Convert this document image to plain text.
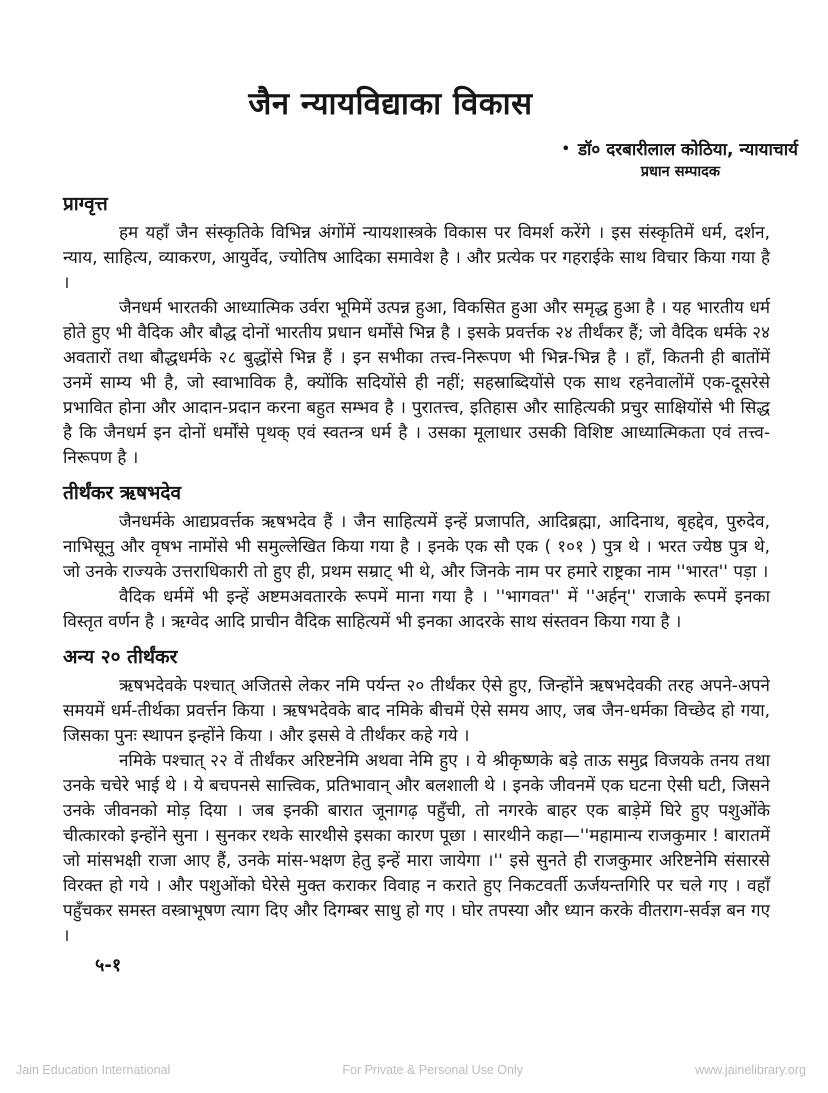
जैन न्यायविद्याका विकास
• डॉ० दरबारीलाल कोठिया, न्यायाचार्य
प्रधान सम्पादक
प्राग्वृत्त

हम यहाँ जैन संस्कृतिके विभिन्न अंगोंमें न्यायशास्त्रके विकास पर विमर्श करेंगे । इस संस्कृतिमें धर्म, दर्शन, न्याय, साहित्य, व्याकरण, आयुर्वेद, ज्योतिष आदिका समावेश है । और प्रत्येक पर गहराईके साथ विचार किया गया है ।

जैनधर्म भारतकी आध्यात्मिक उर्वरा भूमिमें उत्पन्न हुआ, विकसित हुआ और समृद्ध हुआ है । यह भारतीय धर्म होते हुए भी वैदिक और बौद्ध दोनों भारतीय प्रधान धर्मोंसे भिन्न है । इसके प्रवर्त्तक २४ तीर्थंकर हैं; जो वैदिक धर्मके २४ अवतारों तथा बौद्धधर्मके २८ बुद्धोंसे भिन्न हैं । इन सभीका तत्त्व-निरूपण भी भिन्न-भिन्न है । हाँ, कितनी ही बातोंमें उनमें साम्य भी है, जो स्वाभाविक है, क्योंकि सदियोंसे ही नहीं; सहस्राब्दियोंसे एक साथ रहनेवालोंमें एक-दूसरेसे प्रभावित होना और आदान-प्रदान करना बहुत सम्भव है । पुरातत्त्व, इतिहास और साहित्यकी प्रचुर साक्षियोंसे भी सिद्ध है कि जैनधर्म इन दोनों धर्मोंसे पृथक् एवं स्वतन्त्र धर्म है । उसका मूलाधार उसकी विशिष्ट आध्यात्मिकता एवं तत्त्व-निरूपण है ।

तीर्थंकर ऋषभदेव

जैनधर्मके आद्यप्रवर्त्तक ऋषभदेव हैं । जैन साहित्यमें इन्हें प्रजापति, आदिब्रह्मा, आदिनाथ, बृहद्देव, पुरुदेव, नाभिसूनु और वृषभ नामोंसे भी समुल्लेखित किया गया है । इनके एक सौ एक ( १०१ ) पुत्र थे । भरत ज्येष्ठ पुत्र थे, जो उनके राज्यके उत्तराधिकारी तो हुए ही, प्रथम सम्राट् भी थे, और जिनके नाम पर हमारे राष्ट्रका नाम ''भारत'' पड़ा ।

वैदिक धर्ममें भी इन्हें अष्टमअवतारके रूपमें माना गया है । ''भागवत'' में ''अर्हन्'' राजाके रूपमें इनका विस्तृत वर्णन है । ऋग्वेद आदि प्राचीन वैदिक साहित्यमें भी इनका आदरके साथ संस्तवन किया गया है ।

अन्य २० तीर्थंकर

ऋषभदेवके पश्चात् अजितसे लेकर नमि पर्यन्त २० तीर्थंकर ऐसे हुए, जिन्होंने ऋषभदेवकी तरह अपने-अपने समयमें धर्म-तीर्थका प्रवर्त्तन किया । ऋषभदेवके बाद नमिके बीचमें ऐसे समय आए, जब जैन-धर्मका विच्छेद हो गया, जिसका पुनः स्थापन इन्होंने किया । और इससे वे तीर्थंकर कहे गये ।

नमिके पश्चात् २२ वें तीर्थंकर अरिष्टनेमि अथवा नेमि हुए । ये श्रीकृष्णके बड़े ताऊ समुद्र विजयके तनय तथा उनके चचेरे भाई थे । ये बचपनसे सात्त्विक, प्रतिभावान् और बलशाली थे । इनके जीवनमें एक घटना ऐसी घटी, जिसने उनके जीवनको मोड़ दिया । जब इनकी बारात जूनागढ़ पहुँची, तो नगरके बाहर एक बाड़ेमें घिरे हुए पशुओंके चीत्कारको इन्होंने सुना । सुनकर रथके सारथीसे इसका कारण पूछा । सारथीने कहा—''महामान्य राजकुमार ! बारातमें जो मांसभक्षी राजा आए हैं, उनके मांस-भक्षण हेतु इन्हें मारा जायेगा ।'' इसे सुनते ही राजकुमार अरिष्टनेमि संसारसे विरक्त हो गये । और पशुओंको घेरेसे मुक्त कराकर विवाह न कराते हुए निकटवर्ती ऊर्जयन्तगिरि पर चले गए । वहाँ पहुँचकर समस्त वस्त्राभूषण त्याग दिए और दिगम्बर साधु हो गए । घोर तपस्या और ध्यान करके वीतराग-सर्वज्ञ बन गए ।

५-१
Jain Education International	For Private & Personal Use Only	www.jainelibrary.org
